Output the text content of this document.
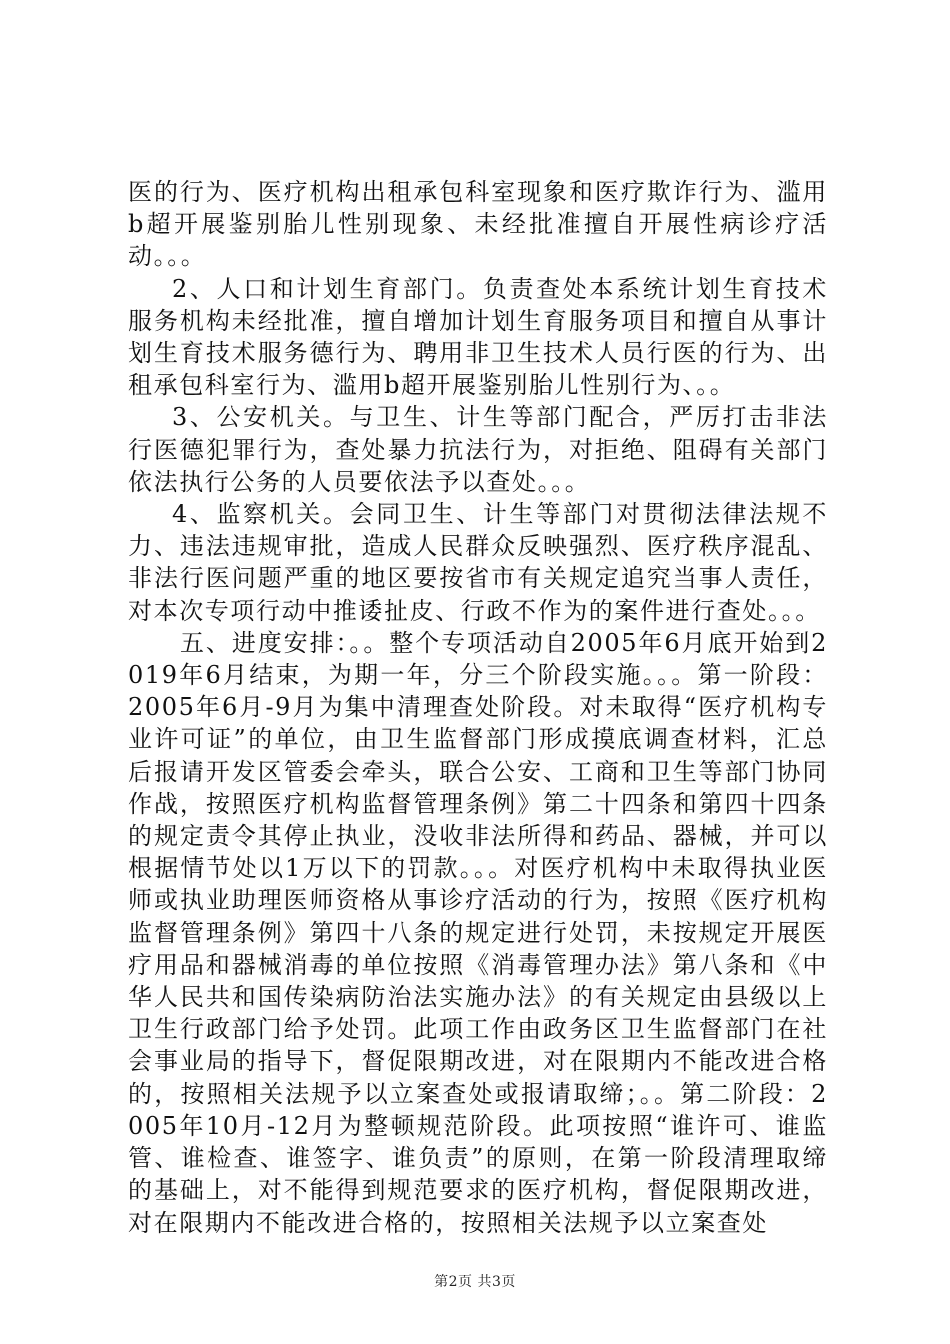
医的行为、医疗机构出租承包科室现象和医疗欺诈行为、滥用b超开展鉴别胎儿性别现象、未经批准擅自开展性病诊疗活动。。。

2、人口和计划生育部门。负责查处本系统计划生育技术服务机构未经批准，擅自增加计划生育服务项目和擅自从事计划生育技术服务德行为、聘用非卫生技术人员行医的行为、出租承包科室行为、滥用b超开展鉴别胎儿性别行为、。。

3、公安机关。与卫生、计生等部门配合，严厉打击非法行医德犯罪行为，查处暴力抗法行为，对拒绝、阻碍有关部门依法执行公务的人员要依法予以查处。。。

4、监察机关。会同卫生、计生等部门对贯彻法律法规不力、违法违规审批，造成人民群众反映强烈、医疗秩序混乱、非法行医问题严重的地区要按省市有关规定追究当事人责任，对本次专项行动中推诿扯皮、行政不作为的案件进行查处。。。

五、进度安排：。。整个专项活动自2005年6月底开始到2019年6月结束，为期一年，分三个阶段实施。。。第一阶段：2005年6月-9月为集中清理查处阶段。对未取得“医疗机构专业许可证”的单位，由卫生监督部门形成摸底调查材料，汇总后报请开发区管委会牵头，联合公安、工商和卫生等部门协同作战，按照医疗机构监督管理条例》第二十四条和第四十四条的规定责令其停止执业，没收非法所得和药品、器械，并可以根据情节处以1万以下的罚款。。。对医疗机构中未取得执业医师或执业助理医师资格从事诊疗活动的行为，按照《医疗机构监督管理条例》第四十八条的规定进行处罚，未按规定开展医疗用品和器械消毒的单位按照《消毒管理办法》第八条和《中华人民共和国传染病防治法实施办法》的有关规定由县级以上卫生行政部门给予处罚。此项工作由政务区卫生监督部门在社会事业局的指导下，督促限期改进，对在限期内不能改进合格的，按照相关法规予以立案查处或报请取缔；。。第二阶段：2005年10月-12月为整顿规范阶段。此项按照“谁许可、谁监管、谁检查、谁签字、谁负责”的原则，在第一阶段清理取缔的基础上，对不能得到规范要求的医疗机构，督促限期改进，对在限期内不能改进合格的，按照相关法规予以立案查处

第2页 共3页
